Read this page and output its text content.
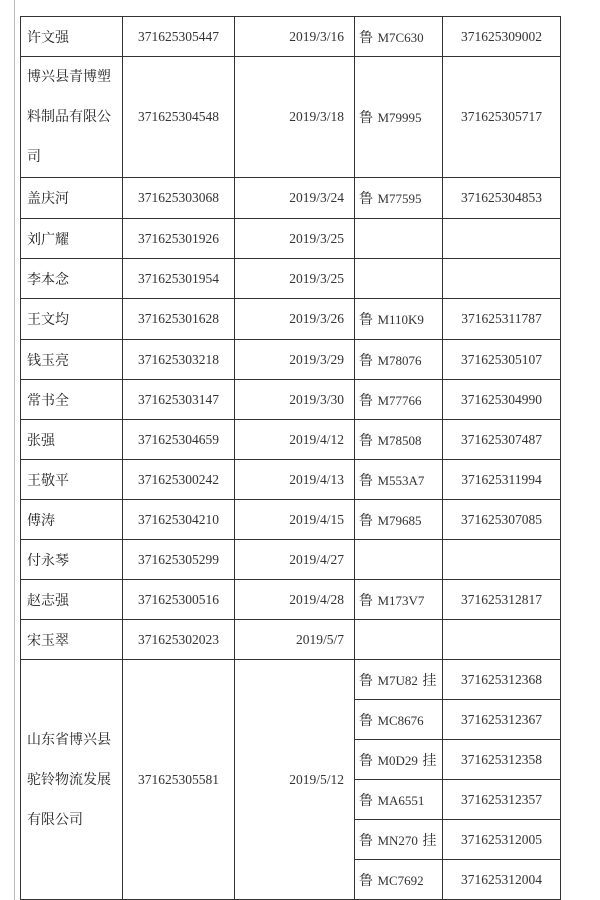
许文强	371625305447	2019/3/16	鲁 M7C630	371625309002

博兴县青博塑
料制品有限公
司	371625304548	2019/3/18	鲁 M79995	371625305717
盖庆河	371625303068	2019/3/24	鲁 M77595	371625304853
刘广耀	371625301926	2019/3/25		
李本念	371625301954	2019/3/25		
王文均	371625301628	2019/3/26	鲁 M110K9	371625311787
钱玉亮	371625303218	2019/3/29	鲁 M78076	371625305107
常书全	371625303147	2019/3/30	鲁 M77766	371625304990
张强	371625304659	2019/4/12	鲁 M78508	371625307487
王敬平	371625300242	2019/4/13	鲁 M553A7	371625311994
傅涛	371625304210	2019/4/15	鲁 M79685	371625307085
付永琴	371625305299	2019/4/27		
赵志强	371625300516	2019/4/28	鲁 M173V7	371625312817
宋玉翠	371625302023	2019/5/7		

山东省博兴县
驼铃物流发展
有限公司	371625305581	2019/5/12	鲁 M7U82 挂	371625312368
			鲁 MC8676	371625312367
			鲁 M0D29 挂	371625312358
			鲁 MA6551	371625312357
			鲁 MN270 挂	371625312005
			鲁 MC7692	371625312004
